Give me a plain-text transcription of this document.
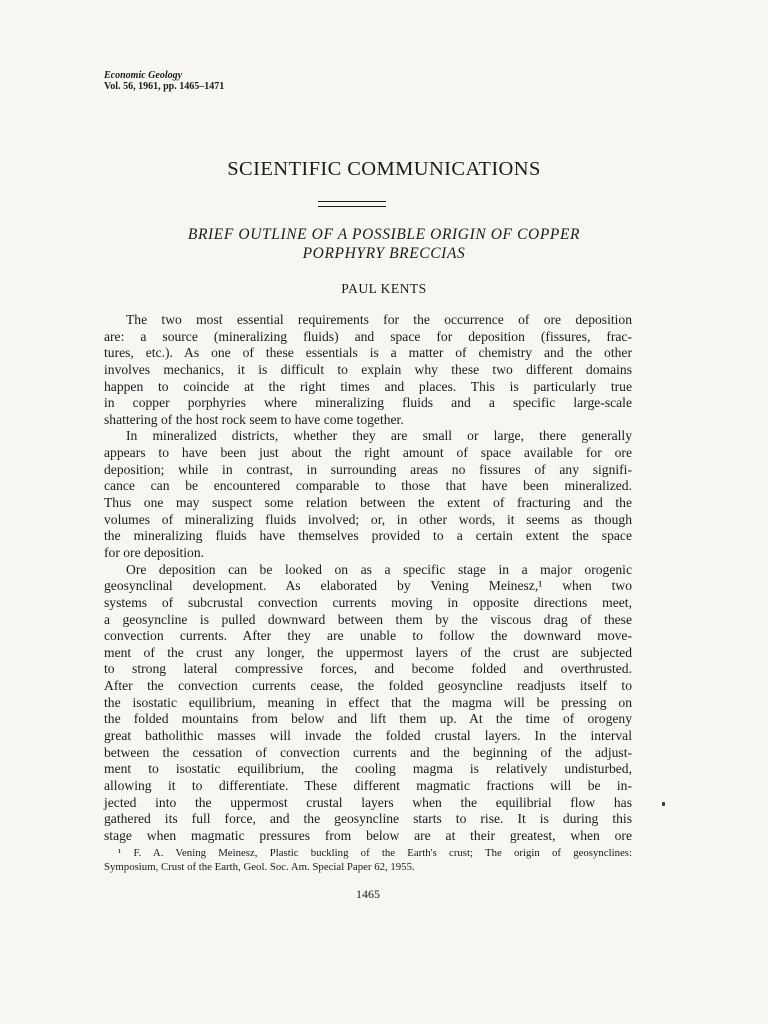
Economic Geology
Vol. 56, 1961, pp. 1465–1471
SCIENTIFIC COMMUNICATIONS
BRIEF OUTLINE OF A POSSIBLE ORIGIN OF COPPER
PORPHYRY BRECCIAS
PAUL KENTS
The two most essential requirements for the occurrence of ore deposition
are: a source (mineralizing fluids) and space for deposition (fissures, frac-
tures, etc.). As one of these essentials is a matter of chemistry and the other
involves mechanics, it is difficult to explain why these two different domains
happen to coincide at the right times and places. This is particularly true
in copper porphyries where mineralizing fluids and a specific large-scale
shattering of the host rock seem to have come together.
In mineralized districts, whether they are small or large, there generally
appears to have been just about the right amount of space available for ore
deposition; while in contrast, in surrounding areas no fissures of any signifi-
cance can be encountered comparable to those that have been mineralized.
Thus one may suspect some relation between the extent of fracturing and the
volumes of mineralizing fluids involved; or, in other words, it seems as though
the mineralizing fluids have themselves provided to a certain extent the space
for ore deposition.
Ore deposition can be looked on as a specific stage in a major orogenic
geosynclinal development. As elaborated by Vening Meinesz,¹ when two
systems of subcrustal convection currents moving in opposite directions meet,
a geosyncline is pulled downward between them by the viscous drag of these
convection currents. After they are unable to follow the downward move-
ment of the crust any longer, the uppermost layers of the crust are subjected
to strong lateral compressive forces, and become folded and overthrusted.
After the convection currents cease, the folded geosyncline readjusts itself to
the isostatic equilibrium, meaning in effect that the magma will be pressing on
the folded mountains from below and lift them up. At the time of orogeny
great batholithic masses will invade the folded crustal layers. In the interval
between the cessation of convection currents and the beginning of the adjust-
ment to isostatic equilibrium, the cooling magma is relatively undisturbed,
allowing it to differentiate. These different magmatic fractions will be in-
jected into the uppermost crustal layers when the equilibrial flow has
gathered its full force, and the geosyncline starts to rise. It is during this
stage when magmatic pressures from below are at their greatest, when ore
¹ F. A. Vening Meinesz, Plastic buckling of the Earth's crust; The origin of geosynclines:
Symposium, Crust of the Earth, Geol. Soc. Am. Special Paper 62, 1955.
1465
